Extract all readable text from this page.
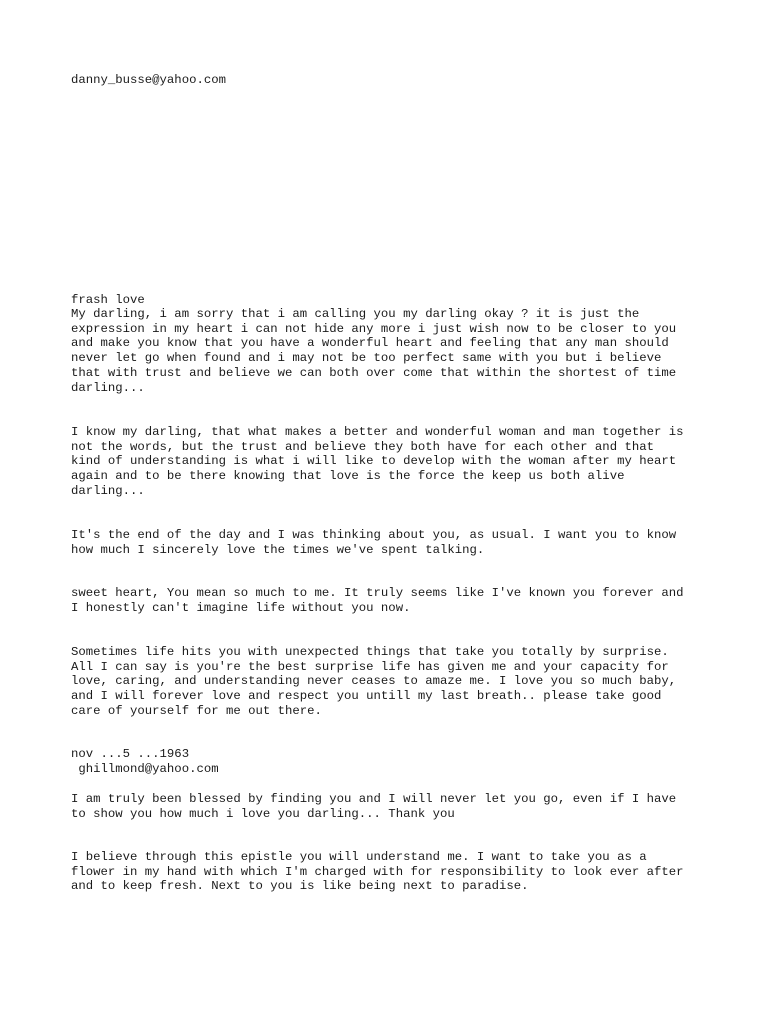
danny_busse@yahoo.com

frash love

My darling, i am sorry that i am calling you my darling okay ? it is just the
expression in my heart i can not hide any more i just wish now to be closer to you
and make you know that you have a wonderful heart and feeling that any man should
never let go when found and i may not be too perfect same with you but i believe
that with trust and believe we can both over come that within the shortest of time
darling...

I know my darling, that what makes a better and wonderful woman and man together is
not the words, but the trust and believe they both have for each other and that
kind of understanding is what i will like to develop with the woman after my heart
again and to be there knowing that love is the force the keep us both alive
darling...

It's the end of the day and I was thinking about you, as usual. I want you to know
how much I sincerely love the times we've spent talking.

sweet heart, You mean so much to me. It truly seems like I've known you forever and
I honestly can't imagine life without you now.

Sometimes life hits you with unexpected things that take you totally by surprise.
All I can say is you're the best surprise life has given me and your capacity for
love, caring, and understanding never ceases to amaze me. I love you so much baby,
and I will forever love and respect you untill my last breath.. please take good
care of yourself for me out there.

nov ...5 ...1963

ghillmond@yahoo.com

I am truly been blessed by finding you and I will never let you go, even if I have
to show you how much i love you darling... Thank you

I believe through this epistle you will understand me. I want to take you as a
flower in my hand with which I'm charged with for responsibility to look ever after
and to keep fresh. Next to you is like being next to paradise.
